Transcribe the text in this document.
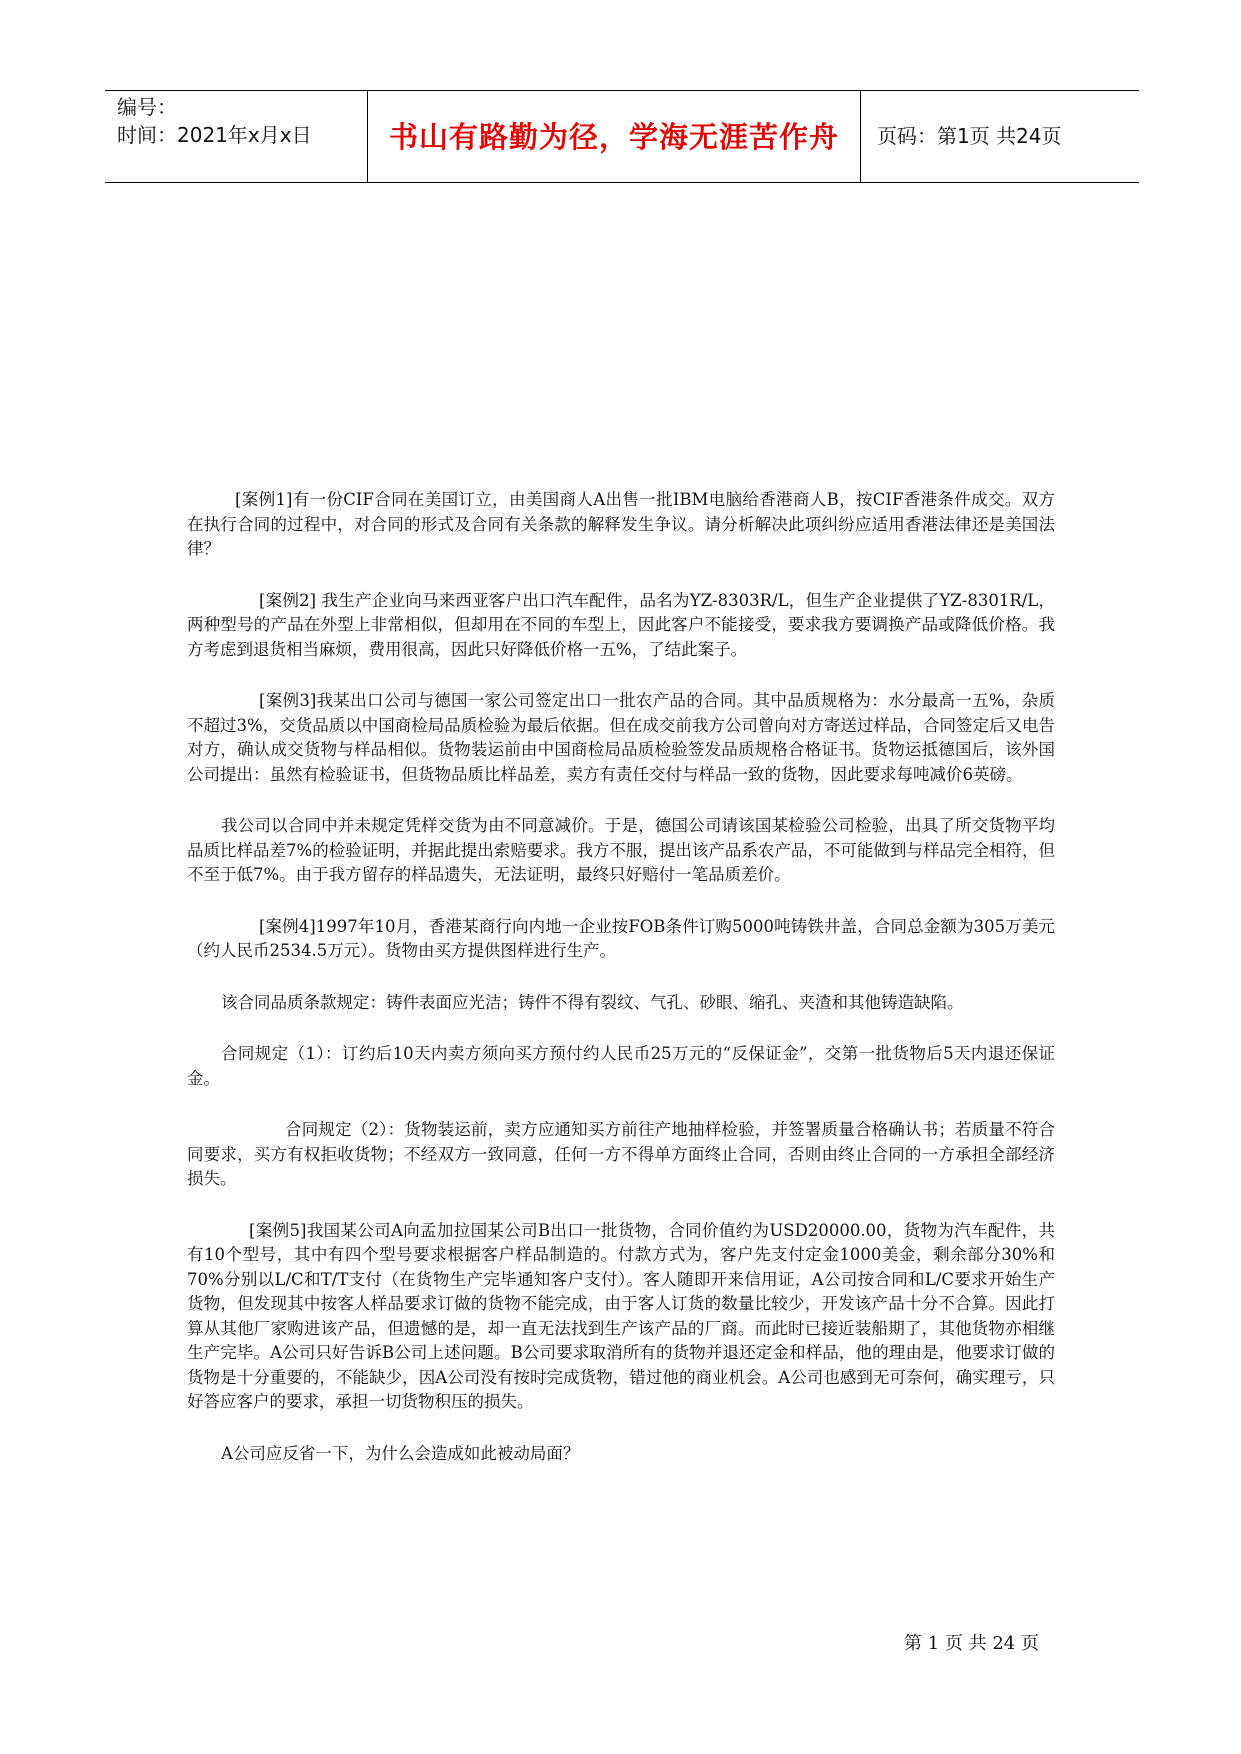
编号：
时间：2021年x月x日	书山有路勤为径，学海无涯苦作舟 页码：第1页 共24页

[案例1]有一份CIF合同在美国订立，由美国商人A出售一批IBM电脑给香港商人B，按CIF香港条件成交。双方在执行合同的过程中，对合同的形式及合同有关条款的解释发生争议。请分析解决此项纠纷应适用香港法律还是美国法律？

[案例2] 我生产企业向马来西亚客户出口汽车配件，品名为YZ-8303R/L，但生产企业提供了YZ-8301R/L，两种型号的产品在外型上非常相似，但却用在不同的车型上，因此客户不能接受，要求我方要调换产品或降低价格。我方考虑到退货相当麻烦，费用很高，因此只好降低价格一五%，了结此案子。

[案例3]我某出口公司与德国一家公司签定出口一批农产品的合同。其中品质规格为：水分最高一五%，杂质不超过3%，交货品质以中国商检局品质检验为最后依据。但在成交前我方公司曾向对方寄送过样品，合同签定后又电告对方，确认成交货物与样品相似。货物装运前由中国商检局品质检验签发品质规格合格证书。货物运抵德国后，该外国公司提出：虽然有检验证书，但货物品质比样品差，卖方有责任交付与样品一致的货物，因此要求每吨减价6英磅。

我公司以合同中并未规定凭样交货为由不同意减价。于是，德国公司请该国某检验公司检验，出具了所交货物平均品质比样品差7%的检验证明，并据此提出索赔要求。我方不服，提出该产品系农产品，不可能做到与样品完全相符，但不至于低7%。由于我方留存的样品遗失，无法证明，最终只好赔付一笔品质差价。

[案例4]1997年10月，香港某商行向内地一企业按FOB条件订购5000吨铸铁井盖，合同总金额为305万美元（约人民币2534.5万元）。货物由买方提供图样进行生产。

该合同品质条款规定：铸件表面应光洁；铸件不得有裂纹、气孔、砂眼、缩孔、夹渣和其他铸造缺陷。

合同规定（1）：订约后10天内卖方须向买方预付约人民币25万元的“反保证金”，交第一批货物后5天内退还保证金。

合同规定（2）：货物装运前，卖方应通知买方前往产地抽样检验，并签署质量合格确认书；若质量不符合同要求，买方有权拒收货物；不经双方一致同意，任何一方不得单方面终止合同，否则由终止合同的一方承担全部经济损失。

[案例5]我国某公司A向孟加拉国某公司B出口一批货物，合同价值约为USD20000.00，货物为汽车配件，共有10个型号，其中有四个型号要求根据客户样品制造的。付款方式为，客户先支付定金1000美金，剩余部分30%和70%分别以L/C和T/T支付（在货物生产完毕通知客户支付）。客人随即开来信用证，A公司按合同和L/C要求开始生产货物，但发现其中按客人样品要求订做的货物不能完成，由于客人订货的数量比较少，开发该产品十分不合算。因此打算从其他厂家购进该产品，但遗憾的是，却一直无法找到生产该产品的厂商。而此时已接近装船期了，其他货物亦相继生产完毕。A公司只好告诉B公司上述问题。B公司要求取消所有的货物并退还定金和样品，他的理由是，他要求订做的货物是十分重要的，不能缺少，因A公司没有按时完成货物，错过他的商业机会。A公司也感到无可奈何，确实理亏，只好答应客户的要求，承担一切货物积压的损失。

A公司应反省一下，为什么会造成如此被动局面？

第 1 页 共 24 页
